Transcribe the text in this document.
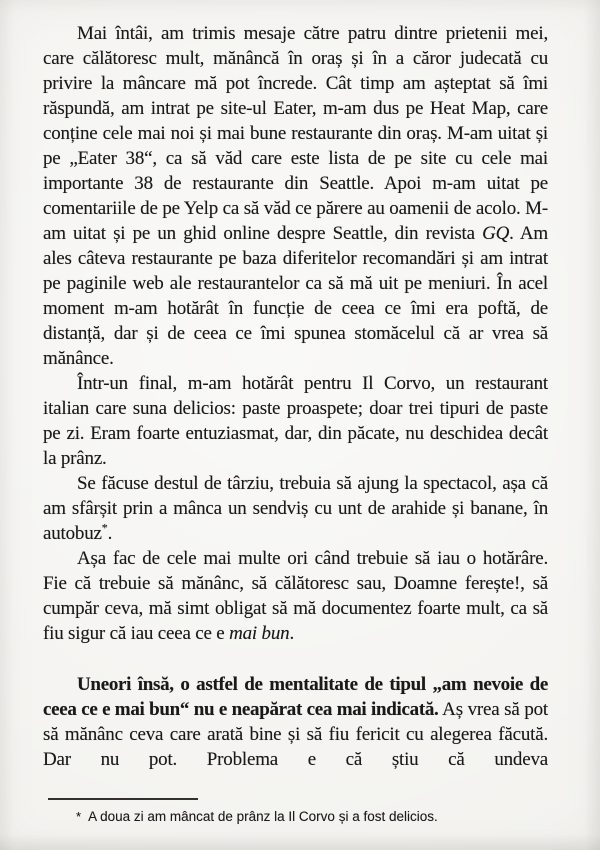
Mai întâi, am trimis mesaje către patru dintre prietenii mei, care călătoresc mult, mănâncă în oraș și în a căror judecată cu privire la mâncare mă pot încrede. Cât timp am așteptat să îmi răspundă, am intrat pe site-ul Eater, m-am dus pe Heat Map, care conține cele mai noi și mai bune restaurante din oraș. M-am uitat și pe „Eater 38“, ca să văd care este lista de pe site cu cele mai importante 38 de restaurante din Seattle. Apoi m-am uitat pe comentariile de pe Yelp ca să văd ce părere au oamenii de acolo. M-am uitat și pe un ghid online despre Seattle, din revista GQ. Am ales câteva restaurante pe baza diferitelor recomandări și am intrat pe paginile web ale restaurantelor ca să mă uit pe meniuri. În acel moment m-am hotărât în funcție de ceea ce îmi era poftă, de distanță, dar și de ceea ce îmi spunea stomăcelul că ar vrea să mănânce.

Într-un final, m-am hotărât pentru Il Corvo, un restaurant italian care suna delicios: paste proaspete; doar trei tipuri de paste pe zi. Eram foarte entuziasmat, dar, din păcate, nu deschidea decât la prânz.

Se făcuse destul de târziu, trebuia să ajung la spectacol, așa că am sfârșit prin a mânca un sendviș cu unt de arahide și banane, în autobuz*.

Așa fac de cele mai multe ori când trebuie să iau o hotărâre. Fie că trebuie să mănânc, să călătoresc sau, Doamne ferește!, să cumpăr ceva, mă simt obligat să mă documentez foarte mult, ca să fiu sigur că iau ceea ce e mai bun.

Uneori însă, o astfel de mentalitate de tipul „am nevoie de ceea ce e mai bun“ nu e neapărat cea mai indicată. Aș vrea să pot să mănânc ceva care arată bine și să fiu fericit cu alegerea făcută. Dar nu pot. Problema e că știu că undeva

* A doua zi am mâncat de prânz la Il Corvo și a fost delicios.
